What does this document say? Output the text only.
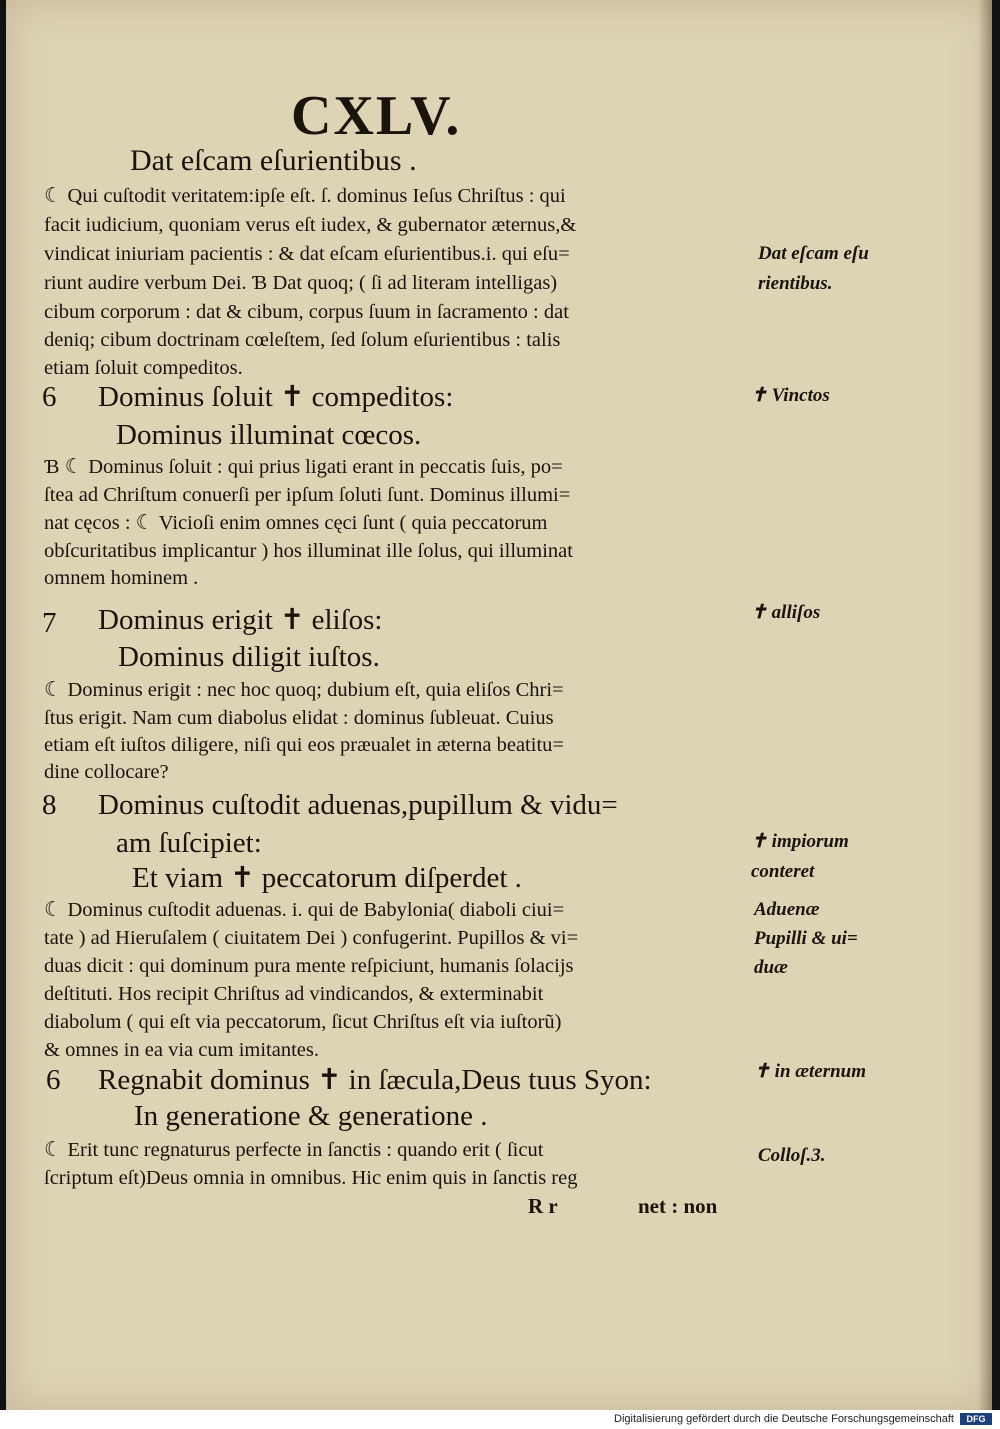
CXLV.
Dat eſcam eſurientibus .
☾ Qui cuſtodit veritatem:ipſe eſt. ſ. dominus Ieſus Chriſtus : qui
facit iudicium, quoniam verus eſt iudex, & gubernator æternus,&
vindicat iniuriam pacientis : & dat eſcam eſurientibus.i. qui eſu=
riunt audire verbum Dei. Ɓ Dat quoq; ( ſi ad literam intelligas)
cibum corporum : dat & cibum, corpus ſuum in ſacramento : dat
deniq; cibum doctrinam cœleſtem, ſed ſolum eſurientibus : talis
etiam ſoluit compeditos.
6 Dominus ſoluit ✝ compeditos:
Dominus illuminat cœcos.
Ɓ ☾ Dominus ſoluit : qui prius ligati erant in peccatis ſuis, po=
ſtea ad Chriſtum conuerſi per ipſum ſoluti ſunt. Dominus illumi=
nat cęcos : ☾ Vicioſi enim omnes cęci ſunt ( quia peccatorum
obſcuritatibus implicantur ) hos illuminat ille ſolus, qui illuminat
omnem hominem .
7 Dominus erigit ✝ eliſos:
Dominus diligit iuſtos.
☾ Dominus erigit : nec hoc quoq; dubium eſt, quia eliſos Chri=
ſtus erigit. Nam cum diabolus elidat : dominus ſubleuat. Cuius
etiam eſt iuſtos diligere, niſi qui eos præualet in æterna beatitu=
dine collocare?
8 Dominus cuſtodit aduenas,pupillum & vidu=
am ſuſcipiet:
Et viam ✝ peccatorum diſperdet .
☾ Dominus cuſtodit aduenas. i. qui de Babylonia( diaboli ciui=
tate ) ad Hieruſalem ( ciuitatem Dei ) confugerint. Pupillos & vi=
duas dicit : qui dominum pura mente reſpiciunt, humanis ſolacijs
deſtituti. Hos recipit Chriſtus ad vindicandos, & exterminabit
diabolum ( qui eſt via peccatorum, ſicut Chriſtus eſt via iuſtorũ)
& omnes in ea via cum imitantes.
6 Regnabit dominus ✝ in ſæcula,Deus tuus Syon:
In generatione & generatione .
☾ Erit tunc regnaturus perfecte in ſanctis : quando erit ( ſicut
ſcriptum eſt)Deus omnia in omnibus. Hic enim quis in ſanctis reg
R r	net : non
Dat eſcam eſu
rientibus.
✝ Vinctos
✝ alliſos
✝ impiorum
conteret
Aduenæ
Pupilli & ui=
duæ
✝ in æternum
Colloſ.3.
Digitalisierung gefördert durch die Deutsche Forschungsgemeinschaft	DFG
